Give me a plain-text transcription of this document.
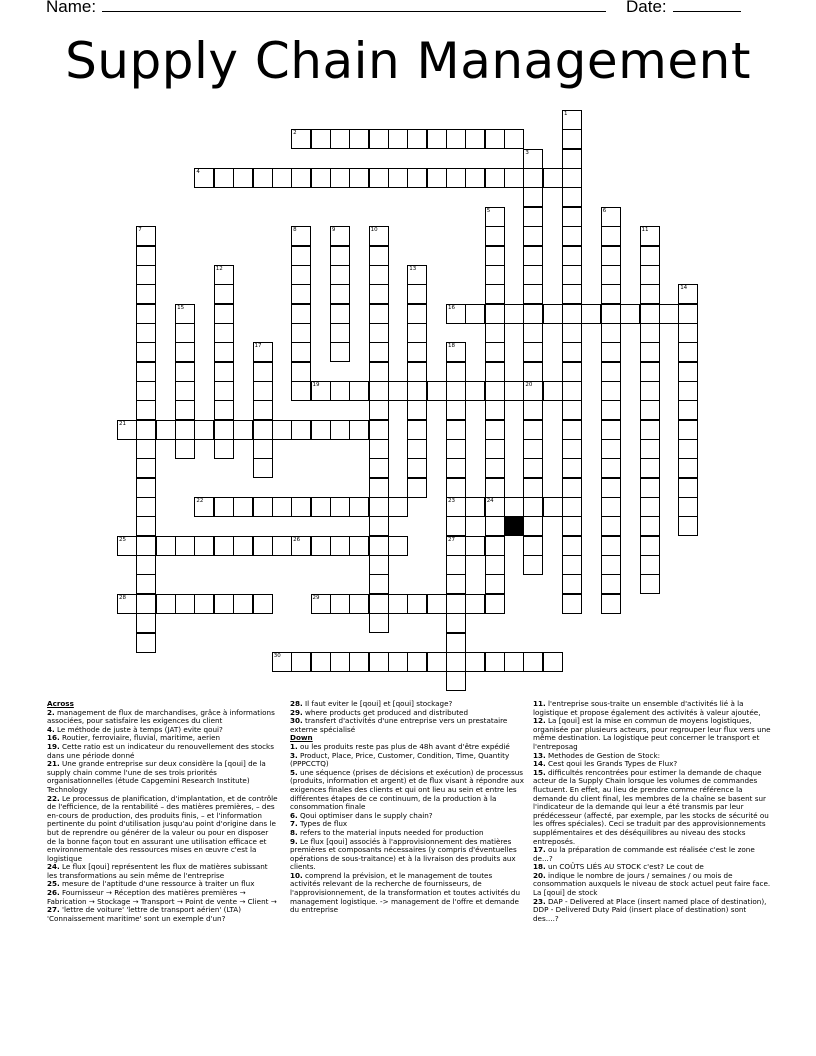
Name:	Date:
Supply Chain Management
2
4
16
19	20
21
22	23	24
25	26	27
28	29
30
1
3
5	6
7	8	9	10	11
12	13
14
15
17	18

Across

2. management de flux de marchandises, grâce à informations associées, pour satisfaire les exigences du client

4. Le méthode de juste à temps (JAT) evite qoui?

16. Routier, ferroviaire, fluvial, maritime, aerien

19. Cette ratio est un indicateur du renouvellement des stocks dans une période donné

21. Une grande entreprise sur deux considère la [qoui] de la supply chain comme l'une de ses trois priorités organisationnelles (étude Capgemini Research Institute) Technology

22. Le processus de planification, d'implantation, et de contrôle de l'efficience, de la rentabilité – des matières premières, – des en-cours de production, des produits finis, – et l'information pertinente du point d'utilisation jusqu'au point d'origine dans le but de reprendre ou générer de la valeur ou pour en disposer de la bonne façon tout en assurant une utilisation efficace et environnementale des ressources mises en œuvre c'est la logistique

24. Le flux [qoui] représentent les flux de matières subissant les transformations au sein même de l'entreprise

25. mesure de l'aptitude d'une ressource à traiter un flux

26. Fournisseur → Réception des matières premières → Fabrication → Stockage → Transport → Point de vente → Client →

27. 'lettre de voiture' 'lettre de transport aérien' (LTA) 'Connaissement maritime' sont un exemple d'un?

28. Il faut eviter le [qoui] et [qoui] stockage?

29. where products get produced and distributed

30. transfert d'activités d'une entreprise vers un prestataire externe spécialisé

Down

1. ou les produits reste pas plus de 48h avant d'être expédié

3. Product, Place, Price, Customer, Condition, Time, Quantity (PPPCCTQ)

5. une séquence (prises de décisions et exécution) de processus (produits, information et argent) et de flux visant à répondre aux exigences finales des clients et qui ont lieu au sein et entre les différentes étapes de ce continuum, de la production à la consommation finale

6. Qoui optimiser dans le supply chain?

7. Types de flux

8. refers to the material inputs needed for production

9. Le flux [qoui] associés à l'approvisionnement des matières premières et composants nécessaires (y compris d'éventuelles opérations de sous-traitance) et à la livraison des produits aux clients.

10. comprend la prévision, et le management de toutes activités relevant de la recherche de fournisseurs, de l'approvisionnement, de la transformation et toutes activités du management logistique. -> management de l'offre et demande du entreprise

11. l'entreprise sous-traite un ensemble d'activités lié à la logistique et propose également des activités à valeur ajoutée,

12. La [qoui] est la mise en commun de moyens logistiques, organisée par plusieurs acteurs, pour regrouper leur flux vers une même destination. La logistique peut concerner le transport et l'entreposag

13. Methodes de Gestion de Stock:

14. Cest qoui les Grands Types de Flux?

15. difficultés rencontrées pour estimer la demande de chaque acteur de la Supply Chain lorsque les volumes de commandes fluctuent. En effet, au lieu de prendre comme référence la demande du client final, les membres de la chaîne se basent sur l'indicateur de la demande qui leur a été transmis par leur prédécesseur (affecté, par exemple, par les stocks de sécurité ou les offres spéciales). Ceci se traduit par des approvisionnements supplémentaires et des déséquilibres au niveau des stocks entreposés.

17. ou la préparation de commande est réalisée c'est le zone de...?

18. un COÛTS LIÉS AU STOCK c'est? Le cout de

20. indique le nombre de jours / semaines / ou mois de consommation auxquels le niveau de stock actuel peut faire face. La [qoui] de stock

23. DAP - Delivered at Place (insert named place of destination), DDP - Delivered Duty Paid (insert place of destination) sont des....?
